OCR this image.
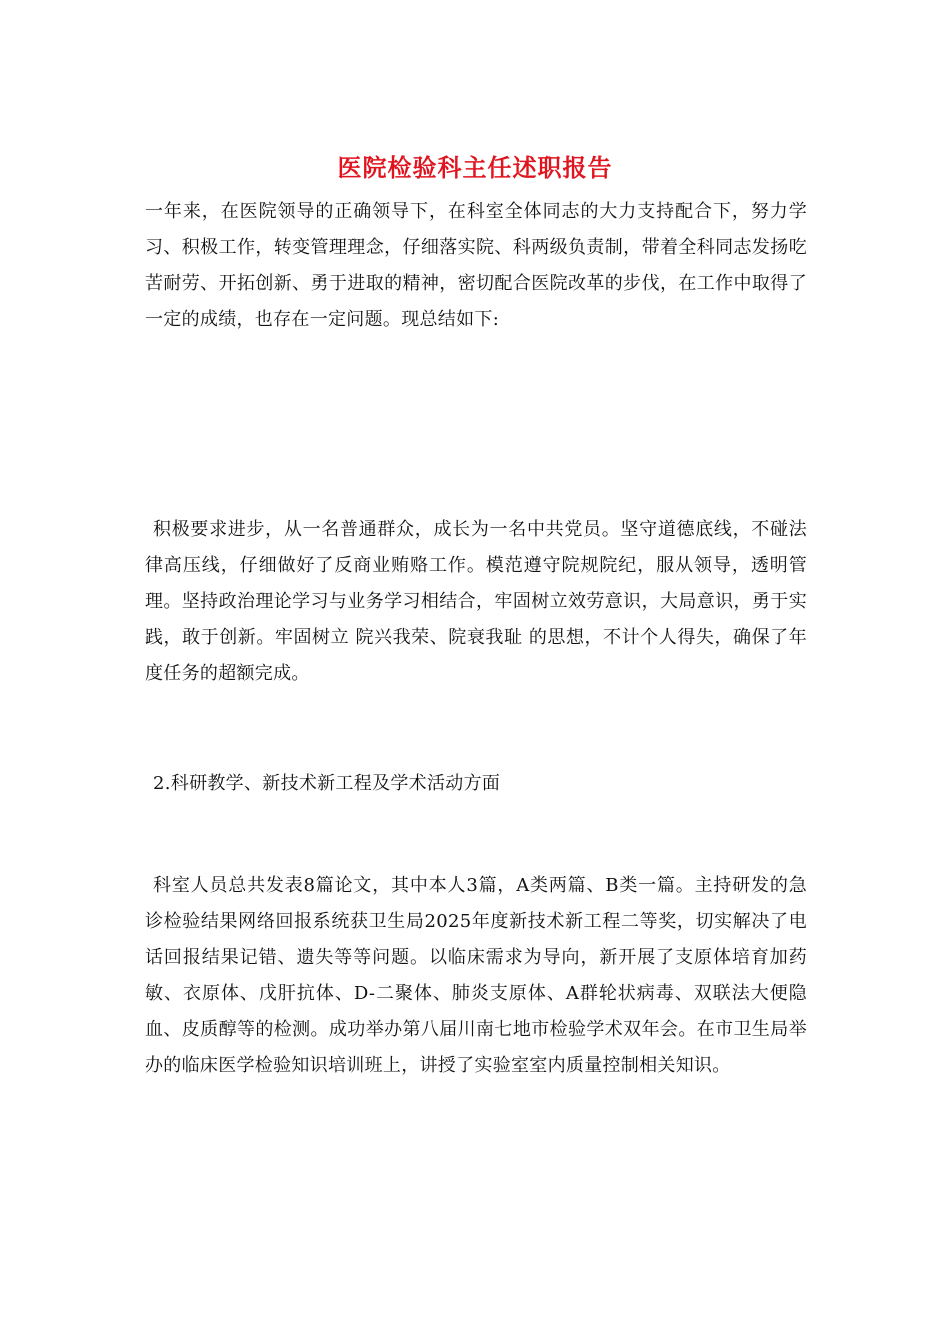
医院检验科主任述职报告
一年来，在医院领导的正确领导下，在科室全体同志的大力支持配合下，努力学习、积极工作，转变管理理念，仔细落实院、科两级负责制，带着全科同志发扬吃苦耐劳、开拓创新、勇于进取的精神，密切配合医院改革的步伐，在工作中取得了一定的成绩，也存在一定问题。现总结如下:
积极要求进步，从一名普通群众，成长为一名中共党员。坚守道德底线，不碰法律高压线，仔细做好了反商业贿赂工作。模范遵守院规院纪，服从领导，透明管理。坚持政治理论学习与业务学习相结合，牢固树立效劳意识，大局意识，勇于实践，敢于创新。牢固树立 院兴我荣、院衰我耻 的思想，不计个人得失，确保了年度任务的超额完成。
2.科研教学、新技术新工程及学术活动方面
科室人员总共发表8篇论文，其中本人3篇，A类两篇、B类一篇。主持研发的急诊检验结果网络回报系统获卫生局2025年度新技术新工程二等奖，切实解决了电话回报结果记错、遗失等等问题。以临床需求为导向，新开展了支原体培育加药敏、衣原体、戊肝抗体、D-二聚体、肺炎支原体、A群轮状病毒、双联法大便隐血、皮质醇等的检测。成功举办第八届川南七地市检验学术双年会。在市卫生局举办的临床医学检验知识培训班上，讲授了实验室室内质量控制相关知识。
